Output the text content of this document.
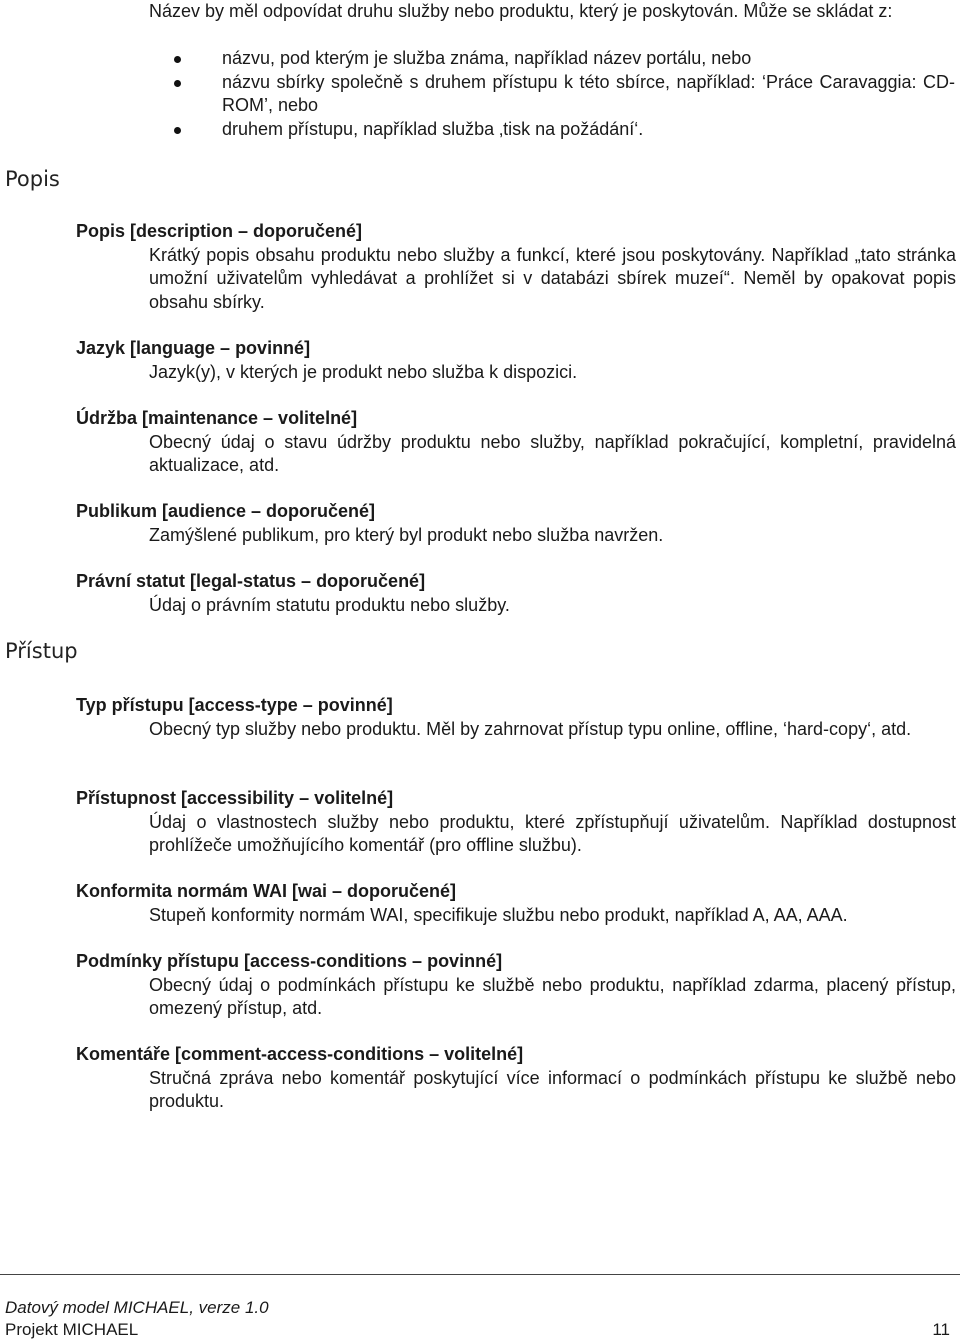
Název by měl odpovídat druhu služby nebo produktu, který je poskytován. Může se skládat z:
názvu, pod kterým je služba známa, například název portálu, nebo
názvu sbírky společně s druhem přístupu k této sbírce, například: ‘Práce Caravaggia: CD-ROM’, nebo
druhem přístupu, například služba ‚tisk na požádání‘.
Popis
Přístup
Popis [description – doporučené]
Krátký popis obsahu produktu nebo služby a funkcí, které jsou poskytovány. Například „tato stránka umožní uživatelům vyhledávat a prohlížet si v databázi sbírek muzeí“. Neměl by opakovat popis obsahu sbírky.
Jazyk [language – povinné]
Jazyk(y), v kterých je produkt nebo služba k dispozici.
Údržba [maintenance – volitelné]
Obecný údaj o stavu údržby produktu nebo služby, například pokračující, kompletní, pravidelná aktualizace, atd.
Publikum [audience – doporučené]
Zamýšlené publikum, pro který byl produkt nebo služba navržen.
Právní statut [legal-status – doporučené]
Údaj o právním statutu produktu nebo služby.
Typ přístupu [access-type – povinné]
Obecný typ služby nebo produktu. Měl by zahrnovat přístup typu online, offline, ‘hard-copy‘, atd.
Přístupnost [accessibility – volitelné]
Údaj o vlastnostech služby nebo produktu, které zpřístupňují uživatelům. Například dostupnost prohlížeče umožňujícího komentář (pro offline službu).
Konformita normám WAI [wai – doporučené]
Stupeň konformity normám WAI, specifikuje službu nebo produkt, například A, AA, AAA.
Podmínky přístupu [access-conditions – povinné]
Obecný údaj o podmínkách přístupu ke službě nebo produktu, například zdarma, placený přístup, omezený přístup, atd.
Komentáře [comment-access-conditions – volitelné]
Stručná zpráva nebo komentář poskytující více informací o podmínkách přístupu ke službě nebo produktu.
Datový model MICHAEL, verze 1.0
Projekt MICHAEL	11
